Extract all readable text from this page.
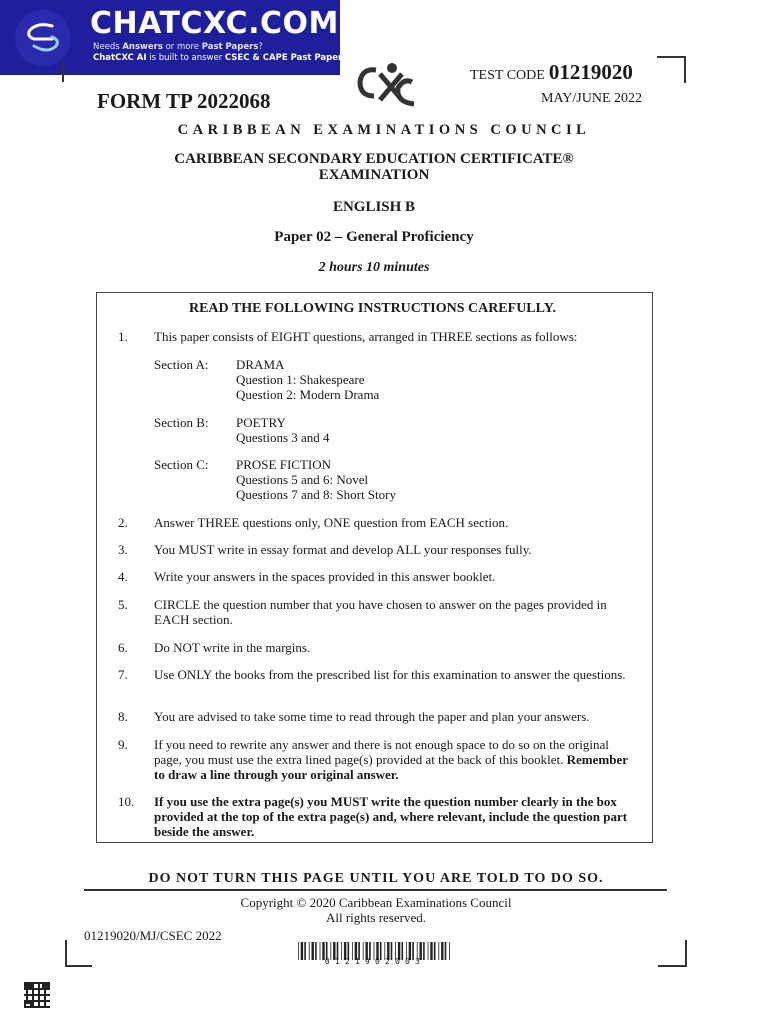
CHATCXC.COM
Needs Answers or more Past Papers?
ChatCXC AI is built to answer CSEC & CAPE Past Papers.
TEST CODE 01219020
MAY/JUNE 2022
FORM TP 2022068
CARIBBEAN EXAMINATIONS COUNCIL
CARIBBEAN SECONDARY EDUCATION CERTIFICATE®
EXAMINATION
ENGLISH B
Paper 02 – General Proficiency
2 hours 10 minutes
READ THE FOLLOWING INSTRUCTIONS CAREFULLY.
1. This paper consists of EIGHT questions, arranged in THREE sections as follows:
Section A: DRAMA
Question 1: Shakespeare
Question 2: Modern Drama
Section B: POETRY
Questions 3 and 4
Section C: PROSE FICTION
Questions 5 and 6: Novel
Questions 7 and 8: Short Story
2. Answer THREE questions only, ONE question from EACH section.
3. You MUST write in essay format and develop ALL your responses fully.
4. Write your answers in the spaces provided in this answer booklet.
5. CIRCLE the question number that you have chosen to answer on the pages provided in EACH section.
6. Do NOT write in the margins.
7. Use ONLY the books from the prescribed list for this examination to answer the questions.
8. You are advised to take some time to read through the paper and plan your answers.
9. If you need to rewrite any answer and there is not enough space to do so on the original page, you must use the extra lined page(s) provided at the back of this booklet. Remember to draw a line through your original answer.
10. If you use the extra page(s) you MUST write the question number clearly in the box provided at the top of the extra page(s) and, where relevant, include the question part beside the answer.
DO NOT TURN THIS PAGE UNTIL YOU ARE TOLD TO DO SO.
Copyright © 2020 Caribbean Examinations Council
All rights reserved.
01219020/MJ/CSEC 2022
0121902003
